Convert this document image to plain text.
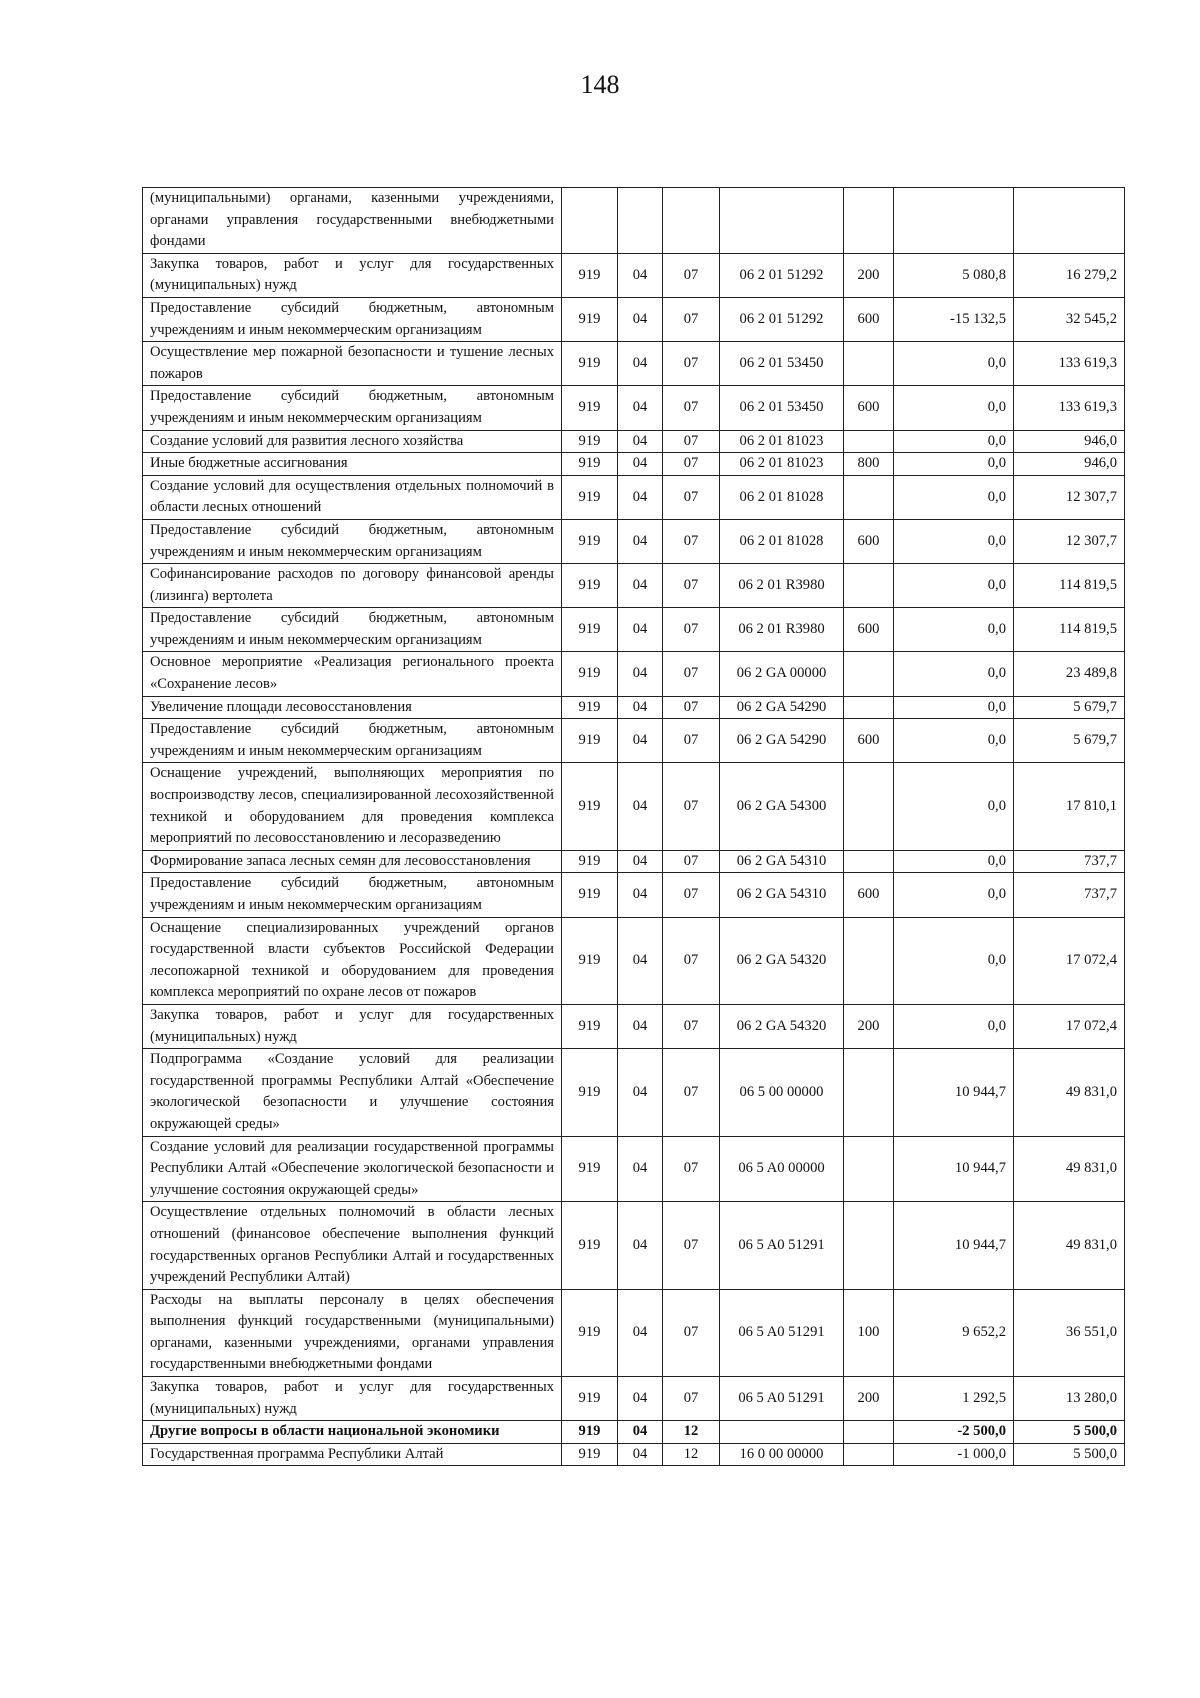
148
(муниципальными) органами, казенными учреждениями, органами управления государственными внебюджетными фондами							
Закупка товаров, работ и услуг для государственных (муниципальных) нужд	919	04	07	06 2 01 51292	200	5 080,8	16 279,2
Предоставление субсидий бюджетным, автономным учреждениям и иным некоммерческим организациям	919	04	07	06 2 01 51292	600	-15 132,5	32 545,2
Осуществление мер пожарной безопасности и тушение лесных пожаров	919	04	07	06 2 01 53450		0,0	133 619,3
Предоставление субсидий бюджетным, автономным учреждениям и иным некоммерческим организациям	919	04	07	06 2 01 53450	600	0,0	133 619,3
Создание условий для развития лесного хозяйства	919	04	07	06 2 01 81023		0,0	946,0
Иные бюджетные ассигнования	919	04	07	06 2 01 81023	800	0,0	946,0
Создание условий для осуществления отдельных полномочий в области лесных отношений	919	04	07	06 2 01 81028		0,0	12 307,7
Предоставление субсидий бюджетным, автономным учреждениям и иным некоммерческим организациям	919	04	07	06 2 01 81028	600	0,0	12 307,7
Софинансирование расходов по договору финансовой аренды (лизинга) вертолета	919	04	07	06 2 01 R3980		0,0	114 819,5
Предоставление субсидий бюджетным, автономным учреждениям и иным некоммерческим организациям	919	04	07	06 2 01 R3980	600	0,0	114 819,5
Основное мероприятие «Реализация регионального проекта «Сохранение лесов»	919	04	07	06 2 GA 00000		0,0	23 489,8
Увеличение площади лесовосстановления	919	04	07	06 2 GA 54290		0,0	5 679,7
Предоставление субсидий бюджетным, автономным учреждениям и иным некоммерческим организациям	919	04	07	06 2 GA 54290	600	0,0	5 679,7
Оснащение учреждений, выполняющих мероприятия по воспроизводству лесов, специализированной лесохозяйственной техникой и оборудованием для проведения комплекса мероприятий по лесовосстановлению и лесоразведению	919	04	07	06 2 GA 54300		0,0	17 810,1
Формирование запаса лесных семян для лесовосстановления	919	04	07	06 2 GA 54310		0,0	737,7
Предоставление субсидий бюджетным, автономным учреждениям и иным некоммерческим организациям	919	04	07	06 2 GA 54310	600	0,0	737,7
Оснащение специализированных учреждений органов государственной власти субъектов Российской Федерации лесопожарной техникой и оборудованием для проведения комплекса мероприятий по охране лесов от пожаров	919	04	07	06 2 GA 54320		0,0	17 072,4
Закупка товаров, работ и услуг для государственных (муниципальных) нужд	919	04	07	06 2 GA 54320	200	0,0	17 072,4
Подпрограмма «Создание условий для реализации государственной программы Республики Алтай «Обеспечение экологической безопасности и улучшение состояния окружающей среды»	919	04	07	06 5 00 00000		10 944,7	49 831,0
Создание условий для реализации государственной программы Республики Алтай «Обеспечение экологической безопасности и улучшение состояния окружающей среды»	919	04	07	06 5 A0 00000		10 944,7	49 831,0
Осуществление отдельных полномочий в области лесных отношений (финансовое обеспечение выполнения функций государственных органов Республики Алтай и государственных учреждений Республики Алтай)	919	04	07	06 5 A0 51291		10 944,7	49 831,0
Расходы на выплаты персоналу в целях обеспечения выполнения функций государственными (муниципальными) органами, казенными учреждениями, органами управления государственными внебюджетными фондами	919	04	07	06 5 A0 51291	100	9 652,2	36 551,0
Закупка товаров, работ и услуг для государственных (муниципальных) нужд	919	04	07	06 5 A0 51291	200	1 292,5	13 280,0
Другие вопросы в области национальной экономики	919	04	12			-2 500,0	5 500,0
Государственная программа Республики Алтай	919	04	12	16 0 00 00000		-1 000,0	5 500,0
